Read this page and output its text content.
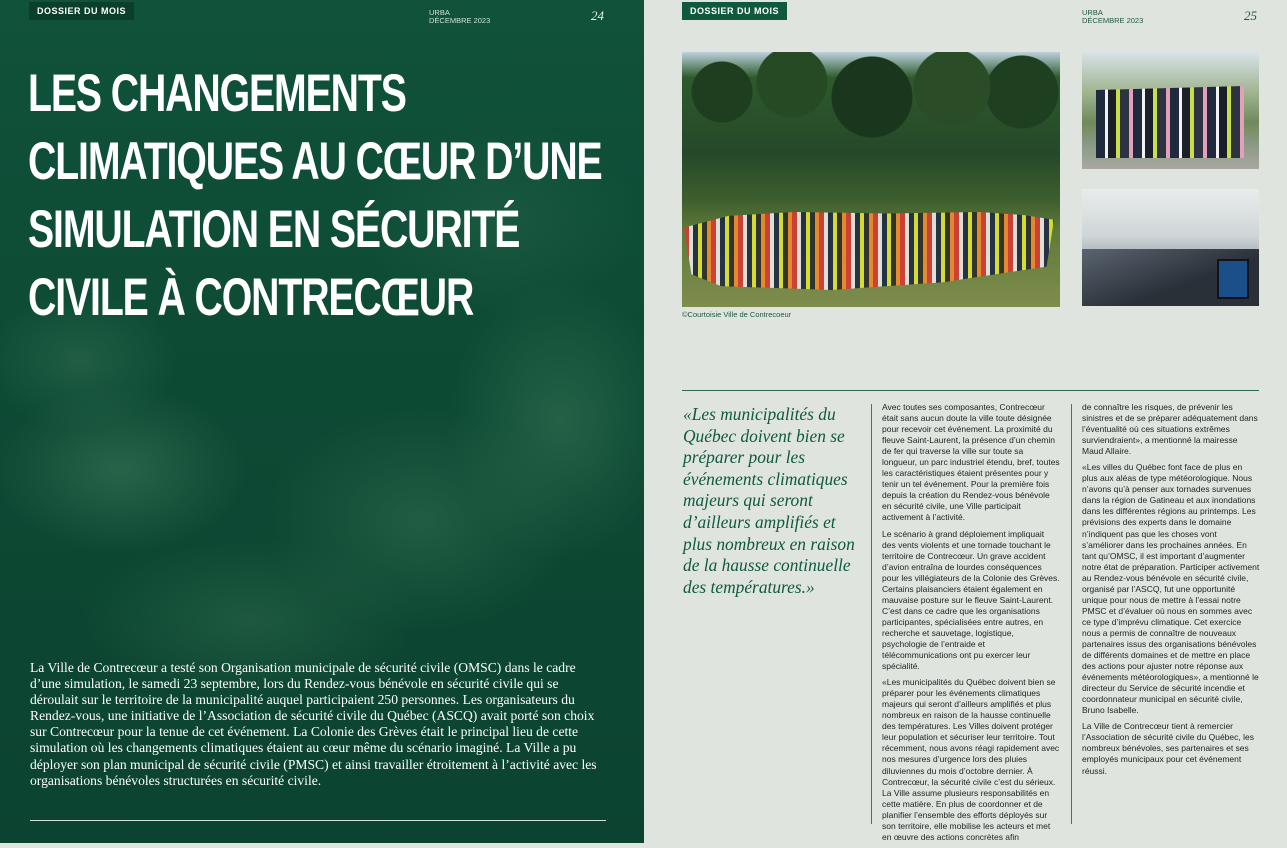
DOSSIER DU MOIS	URBA
DÉCEMBRE 2023	24
LES CHANGEMENTS CLIMATIQUES AU CŒUR D’UNE SIMULATION EN SÉCURITÉ CIVILE À CONTRECŒUR
La Ville de Contrecœur a testé son Organisation municipale de sécurité civile (OMSC) dans le cadre d’une simulation, le samedi 23 septembre, lors du Rendez-vous bénévole en sécurité civile qui se déroulait sur le territoire de la municipalité auquel participaient 250 personnes. Les organisateurs du Rendez-vous, une initiative de l’Association de sécurité civile du Québec (ASCQ) avait porté son choix sur Contrecœur pour la tenue de cet événement. La Colonie des Grèves était le principal lieu de cette simulation où les changements climatiques étaient au cœur même du scénario imaginé. La Ville a pu déployer son plan municipal de sécurité civile (PMSC) et ainsi travailler étroitement à l’activité avec les organisations bénévoles structurées en sécurité civile.
DOSSIER DU MOIS	URBA
DÉCEMBRE 2023	25
©Courtoisie Ville de Contrecoeur

«Les municipalités du Québec doivent bien se préparer pour les événements climatiques majeurs qui seront d’ailleurs amplifiés et plus nombreux en raison de la hausse continuelle des températures.»

Avec toutes ses composantes, Contrecœur était sans aucun doute la ville toute désignée pour recevoir cet événement. La proximité du fleuve Saint-Laurent, la présence d’un chemin de fer qui traverse la ville sur toute sa longueur, un parc industriel étendu, bref, toutes les caractéristiques étaient présentes pour y tenir un tel événement. Pour la première fois depuis la création du Rendez-vous bénévole en sécurité civile, une Ville participait activement à l’activité.

Le scénario à grand déploiement impliquait des vents violents et une tornade touchant le territoire de Contrecœur. Un grave accident d’avion entraîna de lourdes conséquences pour les villégiateurs de la Colonie des Grèves. Certains plaisanciers étaient également en mauvaise posture sur le fleuve Saint-Laurent. C’est dans ce cadre que les organisations participantes, spécialisées entre autres, en recherche et sauvetage, logistique, psychologie de l’entraide et télécommunications ont pu exercer leur spécialité.

«Les municipalités du Québec doivent bien se préparer pour les événements climatiques majeurs qui seront d’ailleurs amplifiés et plus nombreux en raison de la hausse continuelle des températures. Les Villes doivent protéger leur population et sécuriser leur territoire. Tout récemment, nous avons réagi rapidement avec nos mesures d’urgence lors des pluies diluviennes du mois d’octobre dernier. À Contrecœur, la sécurité civile c’est du sérieux. La Ville assume plusieurs responsabilités en cette matière. En plus de coordonner et de planifier l’ensemble des efforts déployés sur son territoire, elle mobilise les acteurs et met en œuvre des actions concrètes afin

de connaître les risques, de prévenir les sinistres et de se préparer adéquatement dans l’éventualité où ces situations extrêmes surviendraient», a mentionné la mairesse Maud Allaire.

«Les villes du Québec font face de plus en plus aux aléas de type météorologique. Nous n’avons qu’à penser aux tornades survenues dans la région de Gatineau et aux inondations dans les différentes régions au printemps. Les prévisions des experts dans le domaine n’indiquent pas que les choses vont s’améliorer dans les prochaines années. En tant qu’OMSC, il est important d’augmenter notre état de préparation. Participer activement au Rendez-vous bénévole en sécurité civile, organisé par l’ASCQ, fut une opportunité unique pour nous de mettre à l’essai notre PMSC et d’évaluer où nous en sommes avec ce type d’imprévu climatique. Cet exercice nous a permis de connaître de nouveaux partenaires issus des organisations bénévoles de différents domaines et de mettre en place des actions pour ajuster notre réponse aux événements météorologiques», a mentionné le directeur du Service de sécurité incendie et coordonnateur municipal en sécurité civile, Bruno Isabelle.

La Ville de Contrecœur tient à remercier l’Association de sécurité civile du Québec, les nombreux bénévoles, ses partenaires et ses employés municipaux pour cet événement réussi.
